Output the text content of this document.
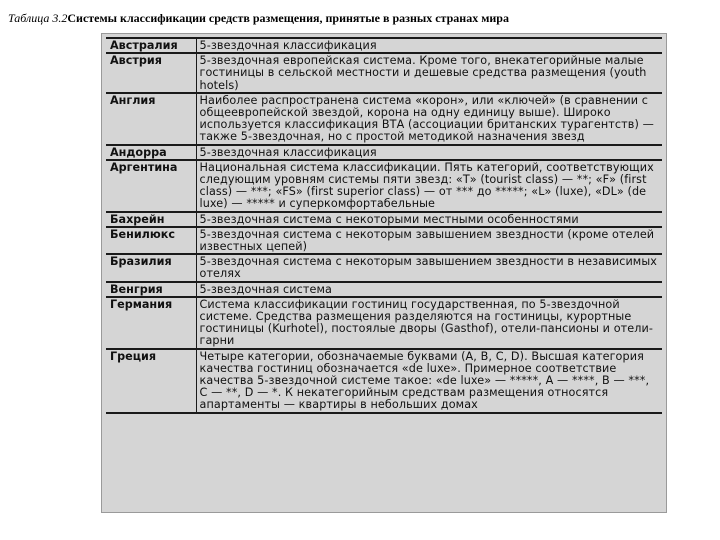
Таблица 3.2Системы классификации средств размещения, принятые в разных странах мира
Австралия	5-звездочная классификация
Австрия	5-звездочная европейская система. Кроме того, внекатегорийные малые гостиницы в сельской местности и дешевые средства размещения (youth hotels)
Англия	Наиболее распространена система «корон», или «ключей» (в сравнении с общеевропейской звездой, корона на одну единицу выше). Широко используется классификация ВТА (ассоциации британских турагентств) — также 5-звездочная, но с простой методикой назначения звезд
Андорра	5-звездочная классификация
Аргентина	Национальная система классификации. Пять категорий, соответствующих следующим уровням системы пяти звезд: «Т» (tourist class) — **; «F» (first class) — ***; «FS» (first superior class) — от *** до *****; «L» (luxe), «DL» (de luxe) — ***** и суперкомфортабельные
Бахрейн	5-звездочная система с некоторыми местными особенностями
Бенилюкс	5-звездочная система с некоторым завышением звездности (кроме отелей известных цепей)
Бразилия	5-звездочная система с некоторым завышением звездности в независимых отелях
Венгрия	5-звездочная система
Германия	Система классификации гостиниц государственная, по 5-звездочной системе. Средства размещения разделяются на гостиницы, курортные гостиницы (Kurhotel), постоялые дворы (Gasthof), отели-пансионы и отели-гарни
Греция	Четыре категории, обозначаемые буквами (A, B, C, D). Высшая категория качества гостиниц обозначается «de luxe». Примерное соответствие качества 5-звездочной системе такое: «de luxe» — *****, A — ****, B — ***, C — **, D — *. К некатегорийным средствам размещения относятся апартаменты — квартиры в небольших домах
